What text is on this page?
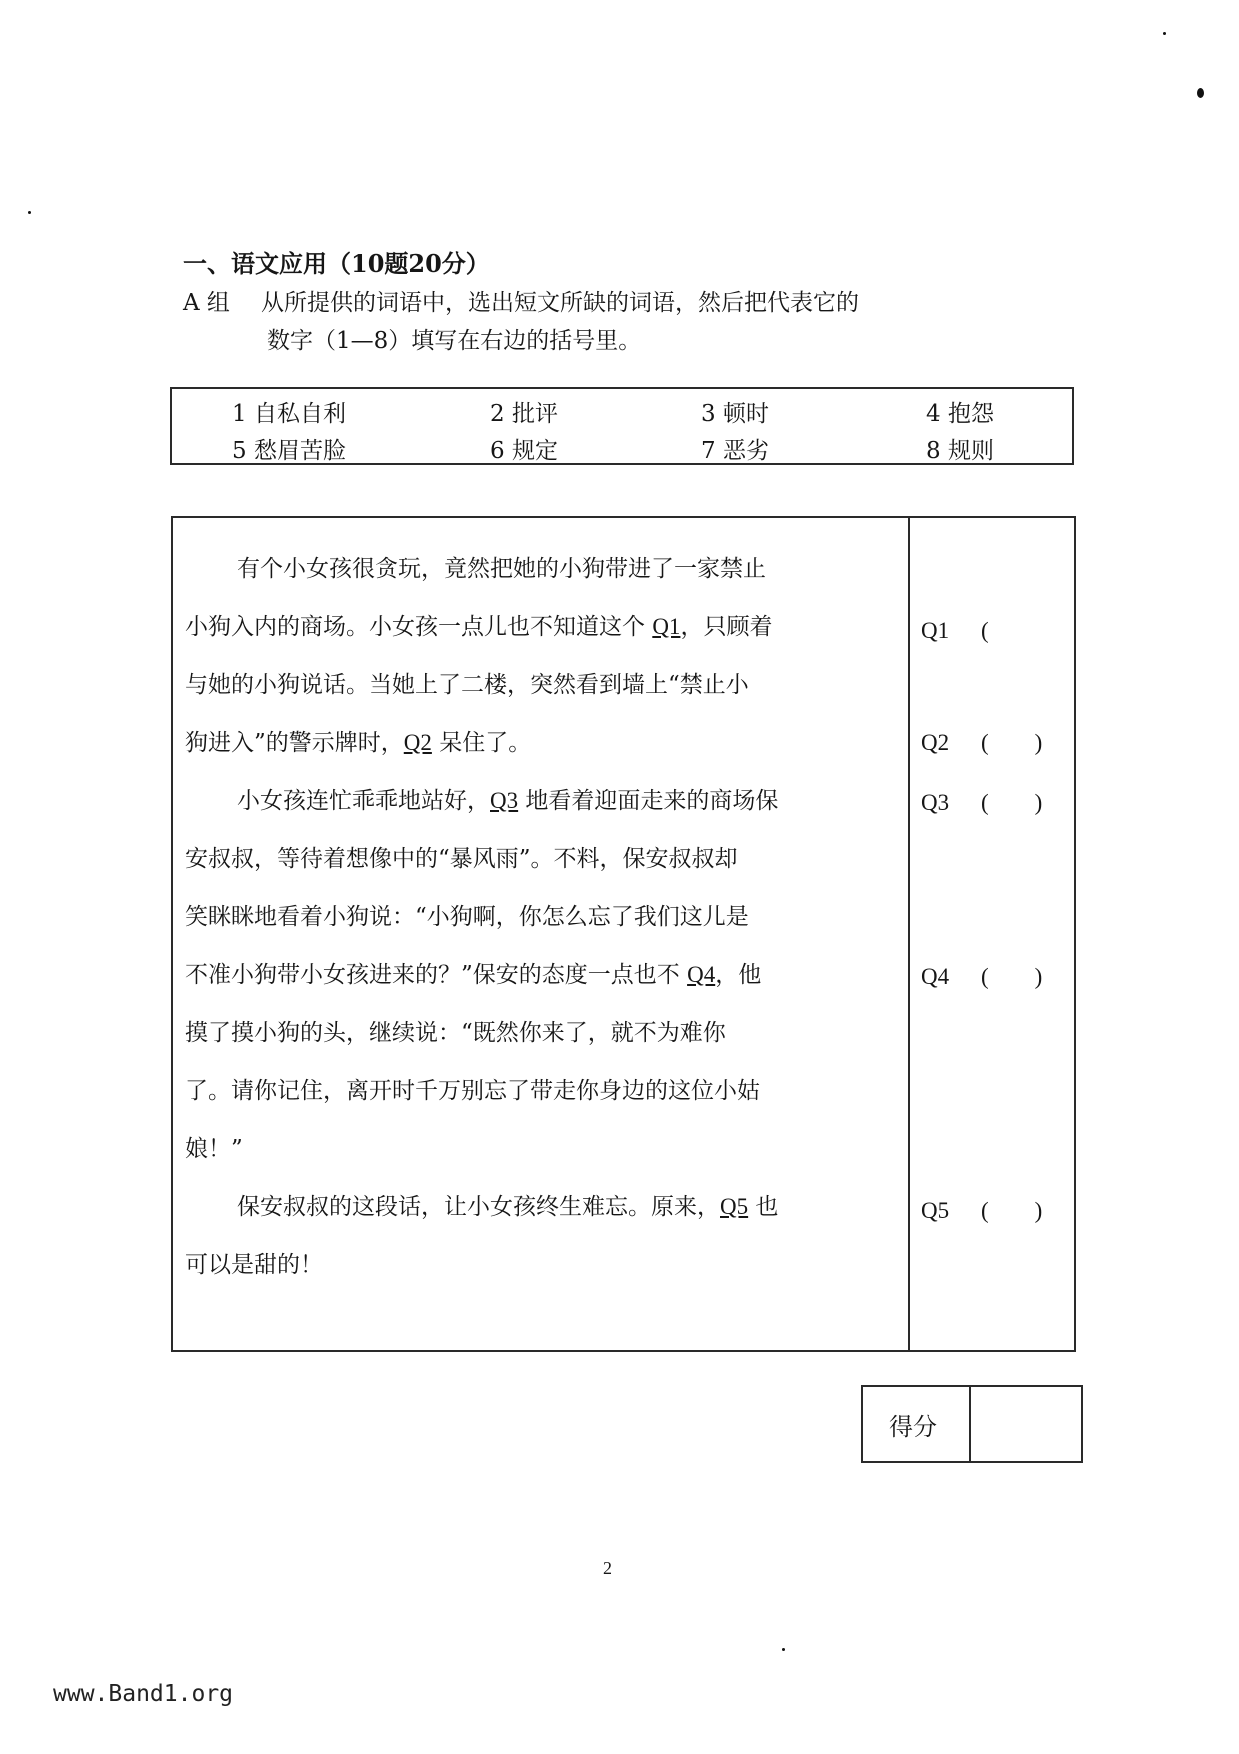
一、语文应用（10题20分）
A 组 从所提供的词语中，选出短文所缺的词语，然后把代表它的
数字（1—8）填写在右边的括号里。
1 自私自利	2 批评	3 顿时	4 抱怨
5 愁眉苦脸	6 规定	7 恶劣	8 规则
有个小女孩很贪玩，竟然把她的小狗带进了一家禁止
小狗入内的商场。小女孩一点儿也不知道这个 Q1，只顾着
与她的小狗说话。当她上了二楼，突然看到墙上“禁止小
狗进入”的警示牌时，Q2 呆住了。
小女孩连忙乖乖地站好，Q3 地看着迎面走来的商场保
安叔叔，等待着想像中的“暴风雨”。不料，保安叔叔却
笑眯眯地看着小狗说：“小狗啊，你怎么忘了我们这儿是
不准小狗带小女孩进来的？”保安的态度一点也不 Q4，他
摸了摸小狗的头，继续说：“既然你来了，就不为难你
了。请你记住，离开时千万别忘了带走你身边的这位小姑
娘！”
保安叔叔的这段话，让小女孩终生难忘。原来，Q5 也
可以是甜的！
Q1 (
Q2 (　　)
Q3 (　　)
Q4 (　　)
Q5 (　　)
得分
2
www.Band1.org
